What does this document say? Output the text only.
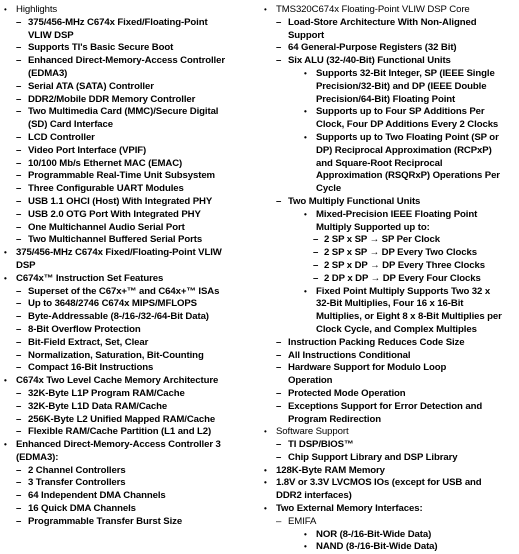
• Highlights
– 375/456-MHz C674x Fixed/Floating-Point
VLIW DSP
– Supports TI's Basic Secure Boot
– Enhanced Direct-Memory-Access Controller
(EDMA3)
– Serial ATA (SATA) Controller
– DDR2/Mobile DDR Memory Controller
– Two Multimedia Card (MMC)/Secure Digital
(SD) Card Interface
– LCD Controller
– Video Port Interface (VPIF)
– 10/100 Mb/s Ethernet MAC (EMAC)
– Programmable Real-Time Unit Subsystem
– Three Configurable UART Modules
– USB 1.1 OHCI (Host) With Integrated PHY
– USB 2.0 OTG Port With Integrated PHY
– One Multichannel Audio Serial Port
– Two Multichannel Buffered Serial Ports
• 375/456-MHz C674x Fixed/Floating-Point VLIW
DSP
• C674x™ Instruction Set Features
– Superset of the C67x+™ and C64x+™ ISAs
– Up to 3648/2746 C674x MIPS/MFLOPS
– Byte-Addressable (8-/16-/32-/64-Bit Data)
– 8-Bit Overflow Protection
– Bit-Field Extract, Set, Clear
– Normalization, Saturation, Bit-Counting
– Compact 16-Bit Instructions
• C674x Two Level Cache Memory Architecture
– 32K-Byte L1P Program RAM/Cache
– 32K-Byte L1D Data RAM/Cache
– 256K-Byte L2 Unified Mapped RAM/Cache
– Flexible RAM/Cache Partition (L1 and L2)
• Enhanced Direct-Memory-Access Controller 3
(EDMA3):
– 2 Channel Controllers
– 3 Transfer Controllers
– 64 Independent DMA Channels
– 16 Quick DMA Channels
– Programmable Transfer Burst Size
• TMS320C674x Floating-Point VLIW DSP Core
– Load-Store Architecture With Non-Aligned
Support
– 64 General-Purpose Registers (32 Bit)
– Six ALU (32-/40-Bit) Functional Units
• Supports 32-Bit Integer, SP (IEEE Single
Precision/32-Bit) and DP (IEEE Double
Precision/64-Bit) Floating Point
• Supports up to Four SP Additions Per
Clock, Four DP Additions Every 2 Clocks
• Supports up to Two Floating Point (SP or
DP) Reciprocal Approximation (RCPxP)
and Square-Root Reciprocal
Approximation (RSQRxP) Operations Per
Cycle
– Two Multiply Functional Units
• Mixed-Precision IEEE Floating Point
Multiply Supported up to:
– 2 SP x SP → SP Per Clock
– 2 SP x SP → DP Every Two Clocks
– 2 SP x DP → DP Every Three Clocks
– 2 DP x DP → DP Every Four Clocks
• Fixed Point Multiply Supports Two 32 x
32-Bit Multiplies, Four 16 x 16-Bit
Multiplies, or Eight 8 x 8-Bit Multiplies per
Clock Cycle, and Complex Multiples
– Instruction Packing Reduces Code Size
– All Instructions Conditional
– Hardware Support for Modulo Loop
Operation
– Protected Mode Operation
– Exceptions Support for Error Detection and
Program Redirection
• Software Support
– TI DSP/BIOS™
– Chip Support Library and DSP Library
• 128K-Byte RAM Memory
• 1.8V or 3.3V LVCMOS IOs (except for USB and
DDR2 interfaces)
• Two External Memory Interfaces:
– EMIFA
• NOR (8-/16-Bit-Wide Data)
• NAND (8-/16-Bit-Wide Data)
